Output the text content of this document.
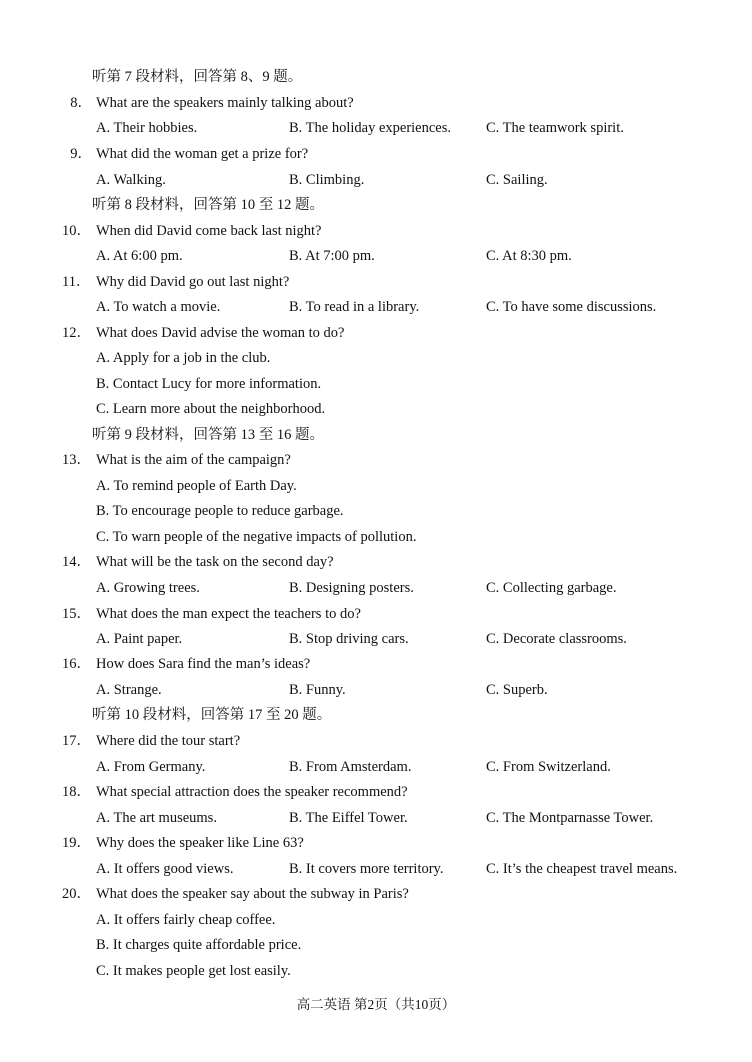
听第 7 段材料，回答第 8、9 题。
8． What are the speakers mainly talking about?
A. Their hobbies.	B. The holiday experiences. C. The teamwork spirit.
9． What did the woman get a prize for?
A. Walking.	B. Climbing.	C. Sailing.
听第 8 段材料，回答第 10 至 12 题。
10． When did David come back last night?
A. At 6:00 pm.	B. At 7:00 pm.	C. At 8:30 pm.
11． Why did David go out last night?
A. To watch a movie.	B. To read in a library.	C. To have some discussions.
12． What does David advise the woman to do?
A. Apply for a job in the club.
B. Contact Lucy for more information.
C. Learn more about the neighborhood.
听第 9 段材料，回答第 13 至 16 题。
13． What is the aim of the campaign?
A. To remind people of Earth Day.
B. To encourage people to reduce garbage.
C. To warn people of the negative impacts of pollution.
14． What will be the task on the second day?
A. Growing trees.	B. Designing posters.	C. Collecting garbage.
15． What does the man expect the teachers to do?
A. Paint paper.	B. Stop driving cars.	C. Decorate classrooms.
16． How does Sara find the man’s ideas?
A. Strange.	B. Funny.	C. Superb.
听第 10 段材料，回答第 17 至 20 题。
17． Where did the tour start?
A. From Germany.	B. From Amsterdam.	C. From Switzerland.
18． What special attraction does the speaker recommend?
A. The art museums.	B. The Eiffel Tower.	C. The Montparnasse Tower.
19． Why does the speaker like Line 63?
A. It offers good views.	B. It covers more territory.	C. It’s the cheapest travel means.
20． What does the speaker say about the subway in Paris?
A. It offers fairly cheap coffee.
B. It charges quite affordable price.
C. It makes people get lost easily.
高二英语 第2页（共10页）
